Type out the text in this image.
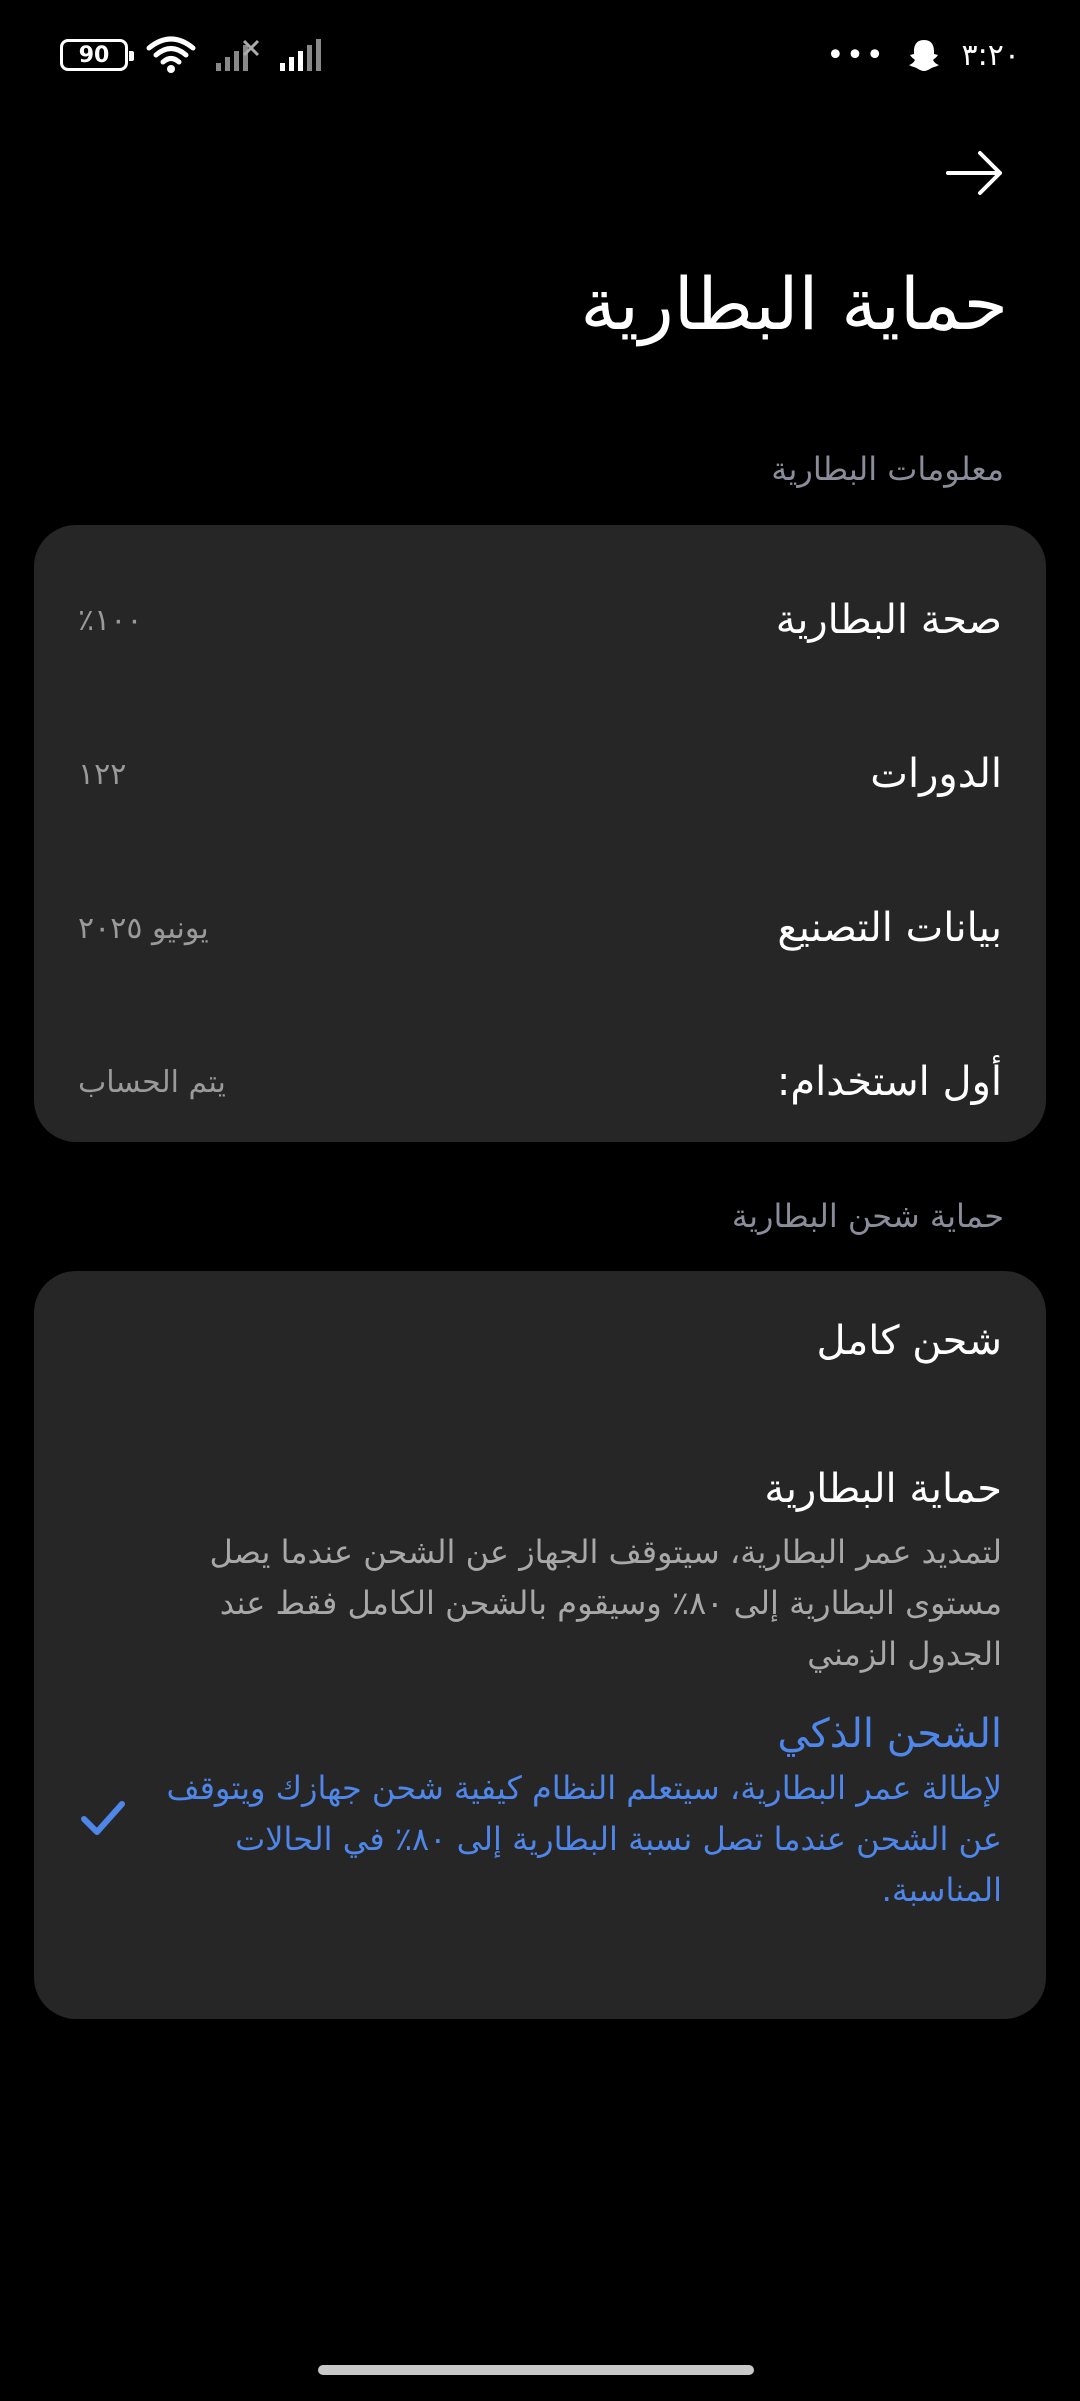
90	•••	٣:٢٠
حماية البطارية
معلومات البطارية
صحة البطارية
١٠٠٪
الدورات
١٢٢
بيانات التصنيع
يونيو ٢٠٢٥
أول استخدام:
يتم الحساب
حماية شحن البطارية
شحن كامل
حماية البطارية
لتمديد عمر البطارية، سيتوقف الجهاز عن الشحن عندما يصل
مستوى البطارية إلى ٨٠٪ وسيقوم بالشحن الكامل فقط عند
الجدول الزمني
الشحن الذكي
لإطالة عمر البطارية، سيتعلم النظام كيفية شحن جهازك ويتوقف
عن الشحن عندما تصل نسبة البطارية إلى ٨٠٪ في الحالات
المناسبة.
